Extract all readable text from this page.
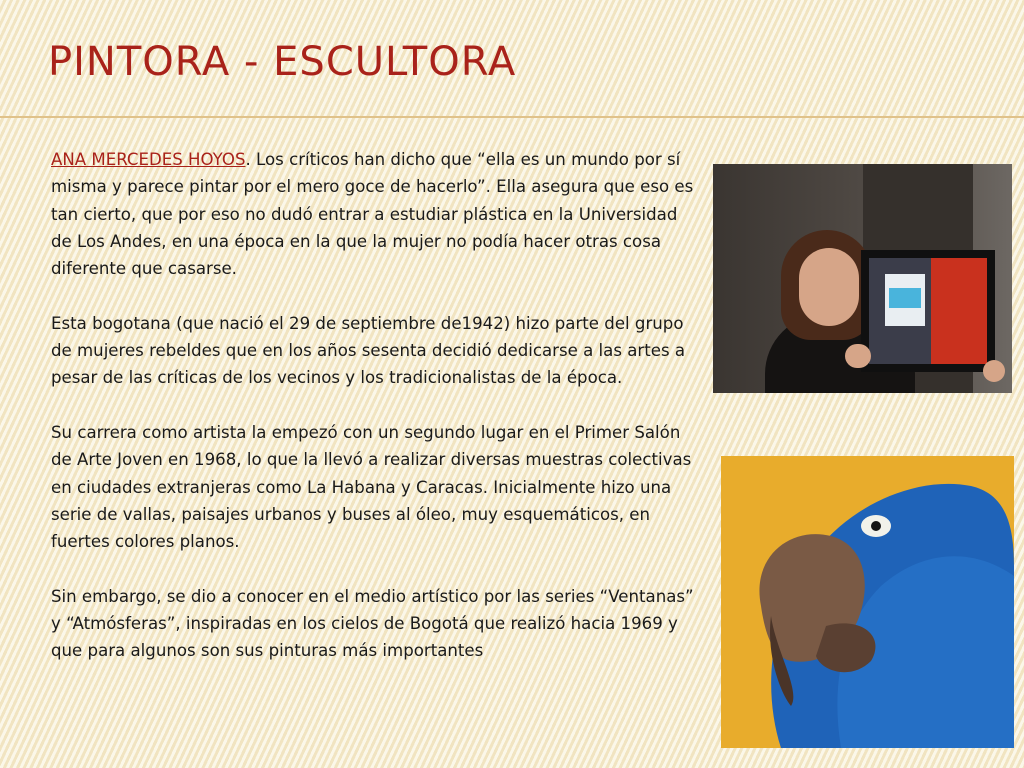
PINTORA - ESCULTORA

ANA MERCEDES HOYOS. Los críticos han dicho que “ella es un mundo por sí misma y parece pintar por el mero goce de hacerlo”. Ella asegura que eso es tan cierto, que por eso no dudó entrar a estudiar plástica en la Universidad de Los Andes, en una época en la que la mujer no podía hacer otras cosa diferente que casarse.

Esta bogotana (que nació el 29 de septiembre de1942) hizo parte del grupo de mujeres rebeldes que en los años sesenta decidió dedicarse a las artes a pesar de las críticas de los vecinos y los tradicionalistas de la época.

Su carrera como artista la empezó con un segundo lugar en el Primer Salón de Arte Joven en 1968, lo que la llevó a realizar diversas muestras colectivas en ciudades extranjeras como La Habana y Caracas. Inicialmente hizo una serie de vallas, paisajes urbanos y buses al óleo, muy esquemáticos, en fuertes colores planos.

Sin embargo, se dio a conocer en el medio artístico por las series “Ventanas” y “Atmósferas”, inspiradas en los cielos de Bogotá que realizó hacia 1969 y que para algunos son sus pinturas más importantes
